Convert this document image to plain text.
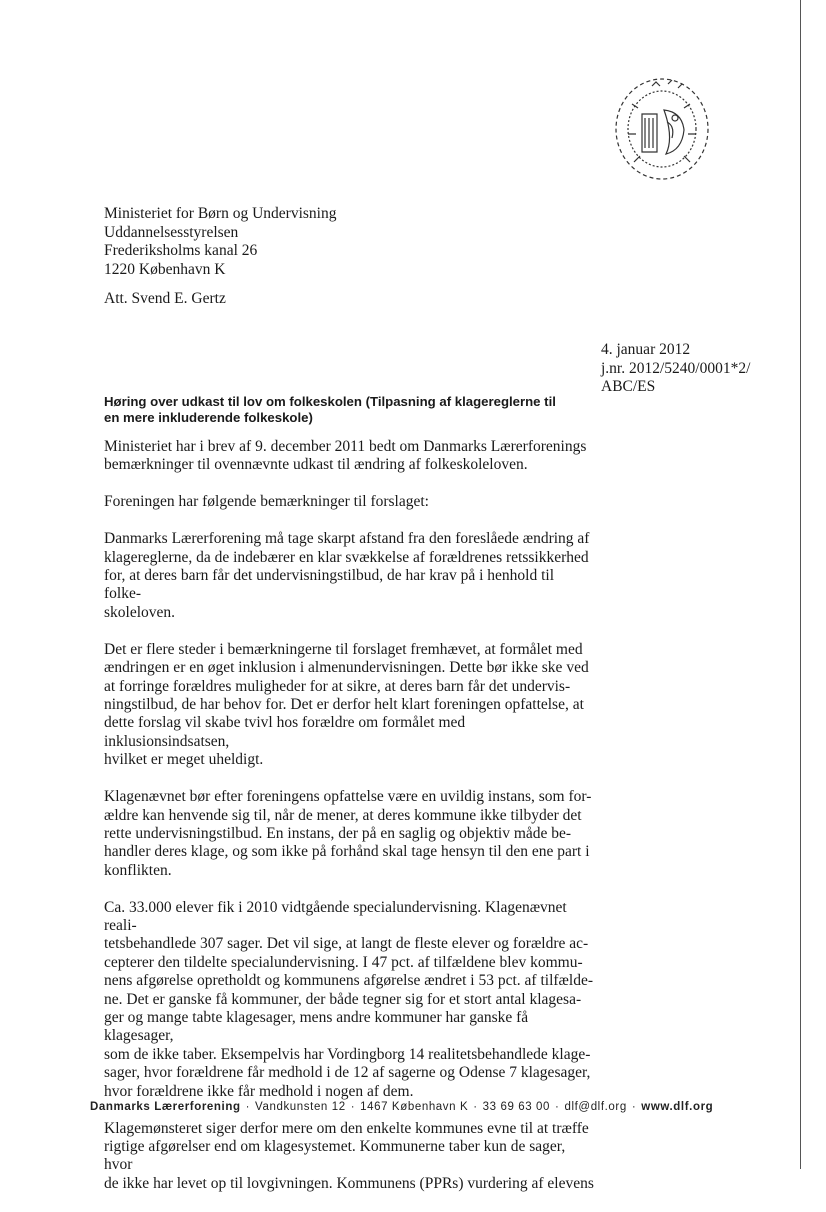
Ministeriet for Børn og Undervisning
Uddannelsesstyrelsen
Frederiksholms kanal 26
1220 København K
Att. Svend E. Gertz
4. januar 2012
j.nr. 2012/5240/0001*2/
ABC/ES
Høring over udkast til lov om folkeskolen (Tilpasning af klagereglerne til
en mere inkluderende folkeskole)

Ministeriet har i brev af 9. december 2011 bedt om Danmarks Lærerforenings
bemærkninger til ovennævnte udkast til ændring af folkeskoleloven.

Foreningen har følgende bemærkninger til forslaget:

Danmarks Lærerforening må tage skarpt afstand fra den foreslåede ændring af
klagereglerne, da de indebærer en klar svækkelse af forældrenes retssikkerhed
for, at deres barn får det undervisningstilbud, de har krav på i henhold til folke-
skoleloven.

Det er flere steder i bemærkningerne til forslaget fremhævet, at formålet med
ændringen er en øget inklusion i almenundervisningen. Dette bør ikke ske ved
at forringe forældres muligheder for at sikre, at deres barn får det undervis-
ningstilbud, de har behov for. Det er derfor helt klart foreningen opfattelse, at
dette forslag vil skabe tvivl hos forældre om formålet med inklusionsindsatsen,
hvilket er meget uheldigt.

Klagenævnet bør efter foreningens opfattelse være en uvildig instans, som for-
ældre kan henvende sig til, når de mener, at deres kommune ikke tilbyder det
rette undervisningstilbud. En instans, der på en saglig og objektiv måde be-
handler deres klage, og som ikke på forhånd skal tage hensyn til den ene part i
konflikten.

Ca. 33.000 elever fik i 2010 vidtgående specialundervisning. Klagenævnet reali-
tetsbehandlede 307 sager. Det vil sige, at langt de fleste elever og forældre ac-
cepterer den tildelte specialundervisning. I 47 pct. af tilfældene blev kommu-
nens afgørelse opretholdt og kommunens afgørelse ændret i 53 pct. af tilfælde-
ne. Det er ganske få kommuner, der både tegner sig for et stort antal klagesa-
ger og mange tabte klagesager, mens andre kommuner har ganske få klagesager,
som de ikke taber. Eksempelvis har Vordingborg 14 realitetsbehandlede klage-
sager, hvor forældrene får medhold i de 12 af sagerne og Odense 7 klagesager,
hvor forældrene ikke får medhold i nogen af dem.

Klagemønsteret siger derfor mere om den enkelte kommunes evne til at træffe
rigtige afgørelser end om klagesystemet. Kommunerne taber kun de sager, hvor
de ikke har levet op til lovgivningen. Kommunens (PPRs) vurdering af elevens

Danmarks Lærerforening · Vandkunsten 12 · 1467 København K · 33 69 63 00 · dlf@dlf.org · www.dlf.org
